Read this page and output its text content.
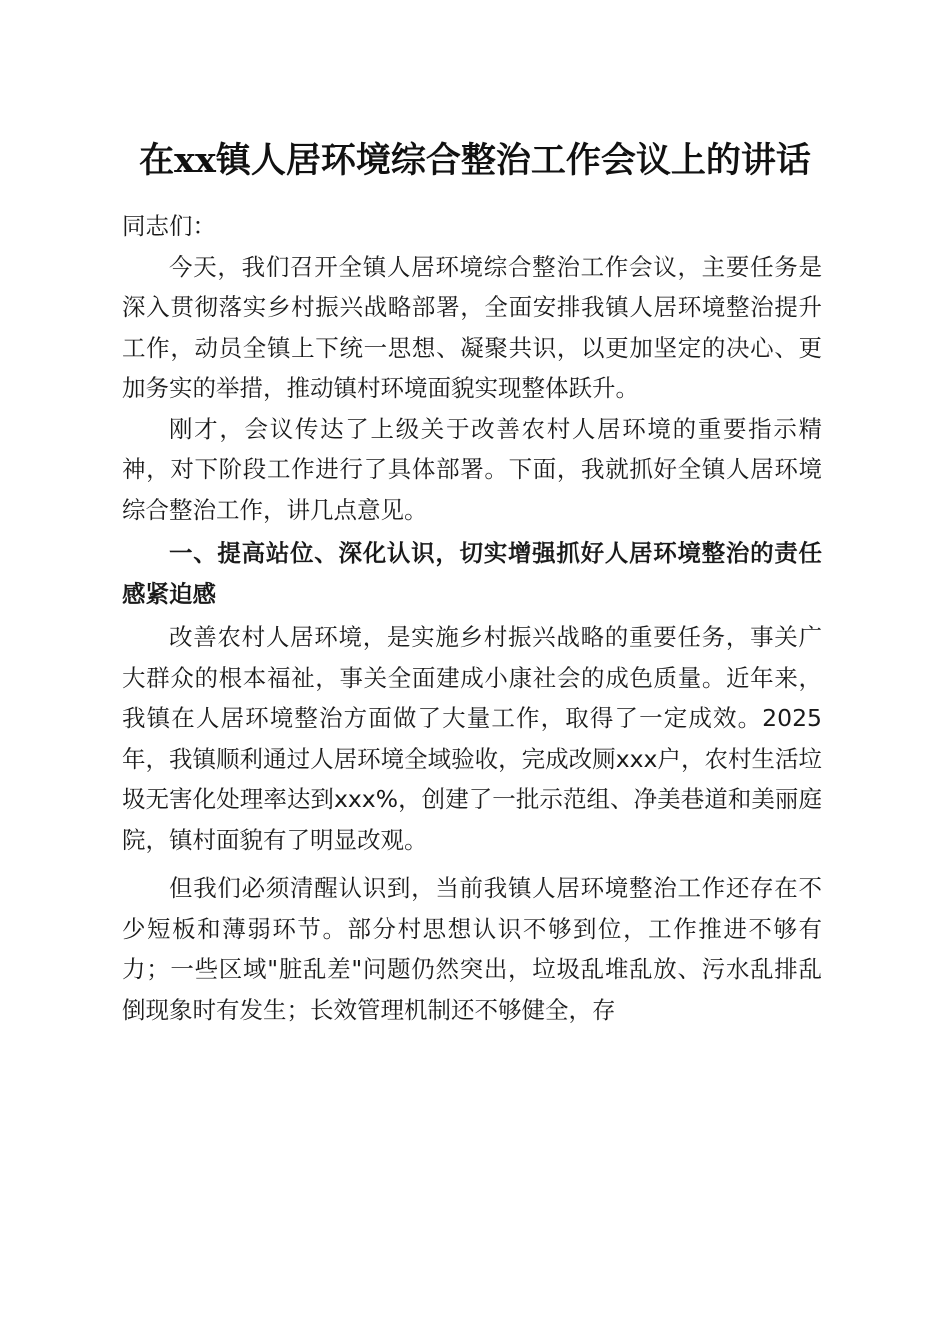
在xx镇人居环境综合整治工作会议上的讲话

同志们：

今天，我们召开全镇人居环境综合整治工作会议，主要任务是深入贯彻落实乡村振兴战略部署，全面安排我镇人居环境整治提升工作，动员全镇上下统一思想、凝聚共识，以更加坚定的决心、更加务实的举措，推动镇村环境面貌实现整体跃升。

刚才，会议传达了上级关于改善农村人居环境的重要指示精神，对下阶段工作进行了具体部署。下面，我就抓好全镇人居环境综合整治工作，讲几点意见。

一、提高站位、深化认识，切实增强抓好人居环境整治的责任感紧迫感

改善农村人居环境，是实施乡村振兴战略的重要任务，事关广大群众的根本福祉，事关全面建成小康社会的成色质量。近年来，我镇在人居环境整治方面做了大量工作，取得了一定成效。2025年，我镇顺利通过人居环境全域验收，完成改厕xxx户，农村生活垃圾无害化处理率达到xxx%，创建了一批示范组、净美巷道和美丽庭院，镇村面貌有了明显改观。

但我们必须清醒认识到，当前我镇人居环境整治工作还存在不少短板和薄弱环节。部分村思想认识不够到位，工作推进不够有力；一些区域"脏乱差"问题仍然突出，垃圾乱堆乱放、污水乱排乱倒现象时有发生；长效管理机制还不够健全，存
